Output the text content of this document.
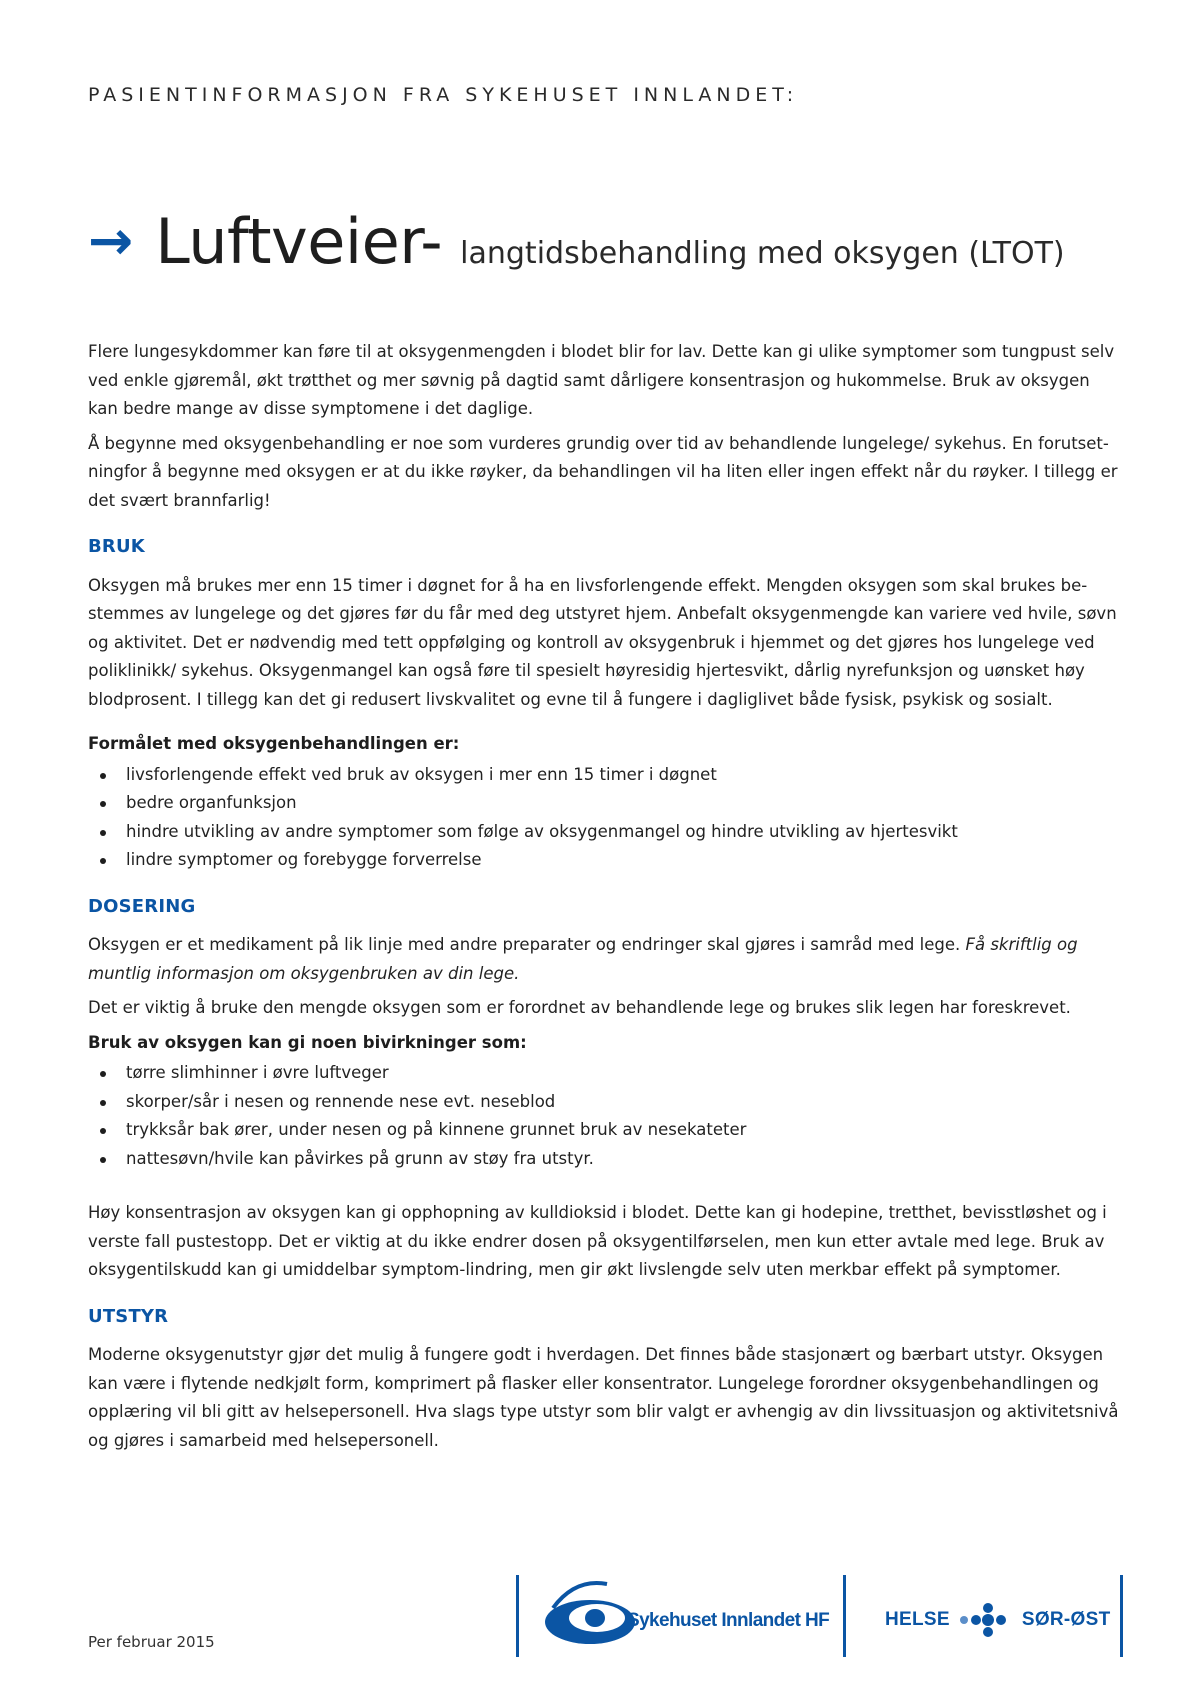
PASIENTINFORMASJON FRA SYKEHUSET INNLANDET:
→ Luftveier- langtidsbehandling med oksygen (LTOT)

Flere lungesykdommer kan føre til at oksygenmengden i blodet blir for lav. Dette kan gi ulike symptomer som tungpust selv ved enkle gjøremål, økt trøtthet og mer søvnig på dagtid samt dårligere konsentrasjon og hukommelse. Bruk av oksygen kan bedre mange av disse symptomene i det daglige.

Å begynne med oksygenbehandling er noe som vurderes grundig over tid av behandlende lungelege/ sykehus. En forutsetningfor å begynne med oksygen er at du ikke røyker, da behandlingen vil ha liten eller ingen effekt når du røyker. I tillegg er det svært brannfarlig!

BRUK

Oksygen må brukes mer enn 15 timer i døgnet for å ha en livsforlengende effekt. Mengden oksygen som skal brukes bestemmes av lungelege og det gjøres før du får med deg utstyret hjem. Anbefalt oksygenmengde kan variere ved hvile, søvn og aktivitet. Det er nødvendig med tett oppfølging og kontroll av oksygenbruk i hjemmet og det gjøres hos lungelege ved poliklinikk/ sykehus. Oksygenmangel kan også føre til spesielt høyresidig hjertesvikt, dårlig nyrefunksjon og uønsket høy blodprosent. I tillegg kan det gi redusert livskvalitet og evne til å fungere i dagliglivet både fysisk, psykisk og sosialt.

Formålet med oksygenbehandlingen er:
livsforlengende effekt ved bruk av oksygen i mer enn 15 timer i døgnet
bedre organfunksjon
hindre utvikling av andre symptomer som følge av oksygenmangel og hindre utvikling av hjertesvikt
lindre symptomer og forebygge forverrelse
DOSERING

Oksygen er et medikament på lik linje med andre preparater og endringer skal gjøres i samråd med lege. Få skriftlig og muntlig informasjon om oksygenbruken av din lege.

Det er viktig å bruke den mengde oksygen som er forordnet av behandlende lege og brukes slik legen har foreskrevet.

Bruk av oksygen kan gi noen bivirkninger som:
tørre slimhinner i øvre luftveger
skorper/sår i nesen og rennende nese evt. neseblod
trykksår bak ører, under nesen og på kinnene grunnet bruk av nesekateter
nattesøvn/hvile kan påvirkes på grunn av støy fra utstyr.

Høy konsentrasjon av oksygen kan gi opphopning av kulldioksid i blodet. Dette kan gi hodepine, tretthet, bevisstløshet og i verste fall pustestopp. Det er viktig at du ikke endrer dosen på oksygentilførselen, men kun etter avtale med lege. Bruk av oksygentilskudd kan gi umiddelbar symptom-lindring, men gir økt livslengde selv uten merkbar effekt på symptomer.

UTSTYR

Moderne oksygenutstyr gjør det mulig å fungere godt i hverdagen. Det finnes både stasjonært og bærbart utstyr. Oksygen kan være i flytende nedkjølt form, komprimert på flasker eller konsentrator. Lungelege forordner oksygenbehandlingen og opplæring vil bli gitt av helsepersonell. Hva slags type utstyr som blir valgt er avhengig av din livssituasjon og aktivitetsnivå og gjøres i samarbeid med helsepersonell.

Per februar 2015
Sykehuset Innlandet HF	HELSE	SØR-ØST
